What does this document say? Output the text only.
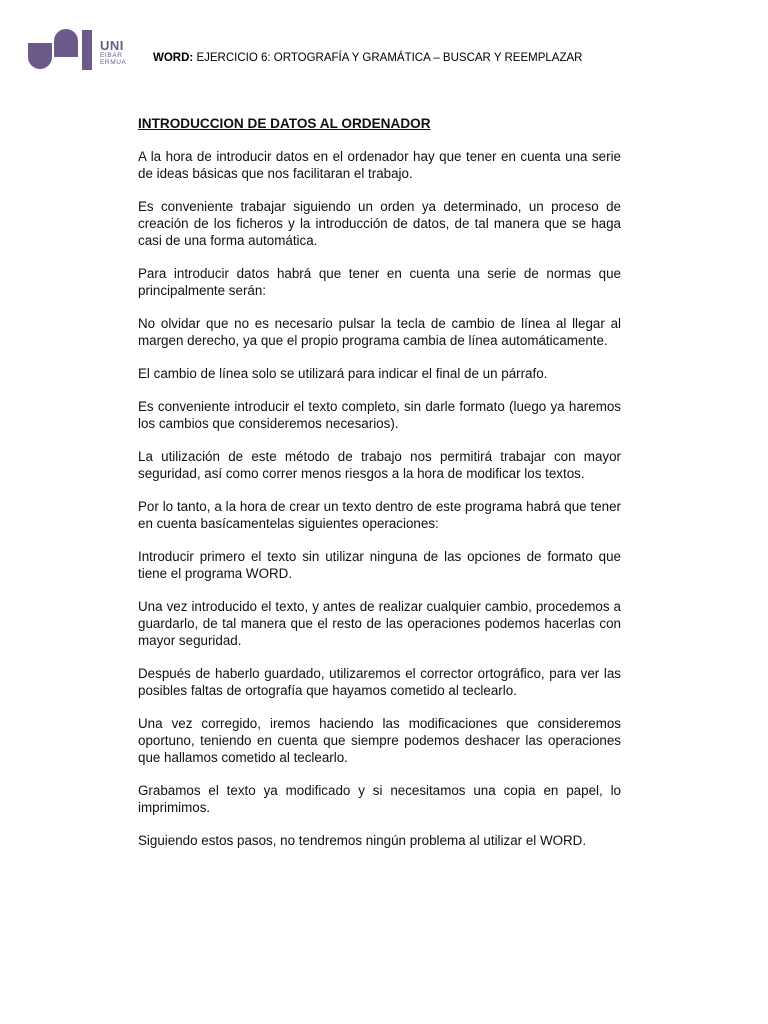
UNI
EIBAR
ERMUA WORD: EJERCICIO 6: ORTOGRAFÍA Y GRAMÁTICA – BUSCAR Y REEMPLAZAR
INTRODUCCION DE DATOS AL ORDENADOR

A la hora de introducir datos en el ordenador hay que tener en cuenta una serie de ideas básicas que nos facilitaran el trabajo.

Es conveniente trabajar siguiendo un orden ya determinado, un proceso de creación de los ficheros y la introducción de datos, de tal manera que se haga casi de una forma automática.

Para introducir datos habrá que tener en cuenta una serie de normas que principalmente serán:

No olvidar que no es necesario pulsar la tecla de cambio de línea al llegar al margen derecho, ya que el propio programa cambia de línea automáticamente.

El cambio de línea solo se utilizará para indicar el final de un párrafo.

Es conveniente introducir el texto completo, sin darle formato (luego ya haremos los cambios que consideremos necesarios).

La utilización de este método de trabajo nos permitirá trabajar con mayor seguridad, así como correr menos riesgos a la hora de modificar los textos.

Por lo tanto, a la hora de crear un texto dentro de este programa habrá que tener en cuenta basícamentelas siguientes operaciones:

Introducir primero el texto sin utilizar ninguna de las opciones de formato que tiene el programa WORD.

Una vez introducido el texto, y antes de realizar cualquier cambio, procedemos a guardarlo, de tal manera que el resto de las operaciones podemos hacerlas con mayor seguridad.

Después de haberlo guardado, utilizaremos el corrector ortográfico, para ver las posibles faltas de ortografía que hayamos cometido al teclearlo.

Una vez corregido, iremos haciendo las modificaciones que consideremos oportuno, teniendo en cuenta que siempre podemos deshacer las operaciones que hallamos cometido al teclearlo.

Grabamos el texto ya modificado y si necesitamos una copia en papel, lo imprimimos.

Siguiendo estos pasos, no tendremos ningún problema al utilizar el WORD.
